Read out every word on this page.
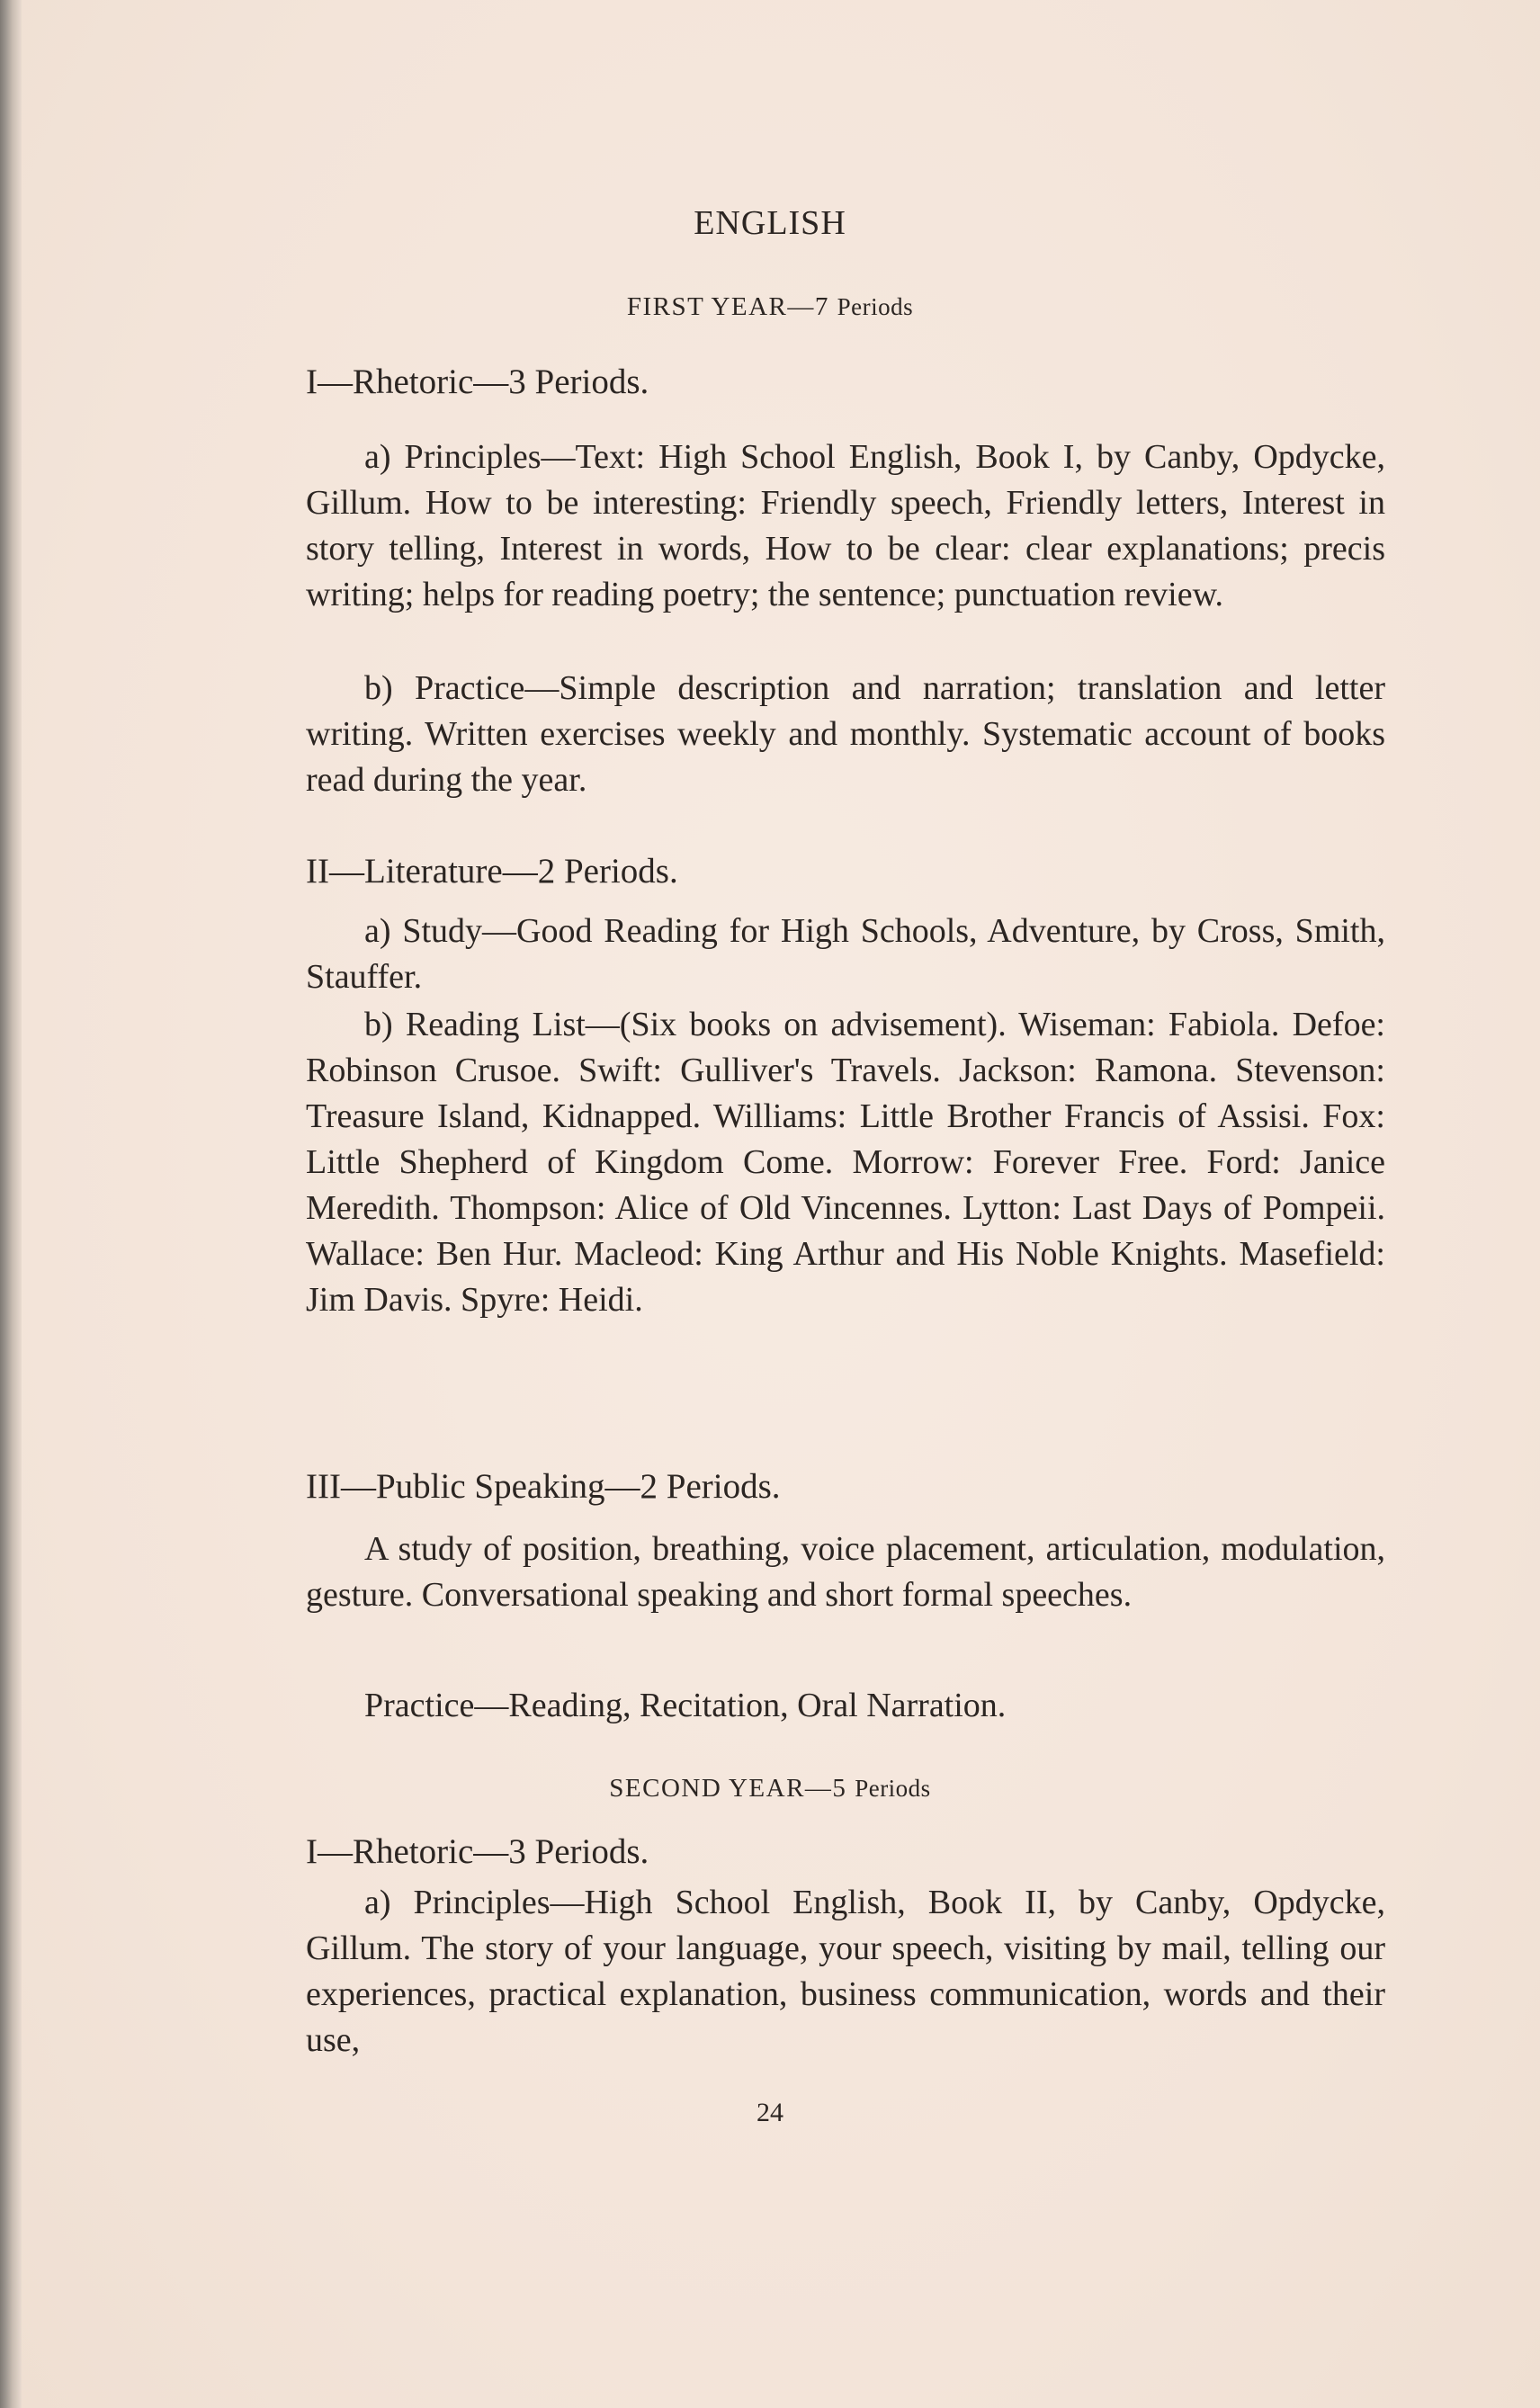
ENGLISH
FIRST YEAR—7 Periods
I—Rhetoric—3 Periods.

a) Principles—Text: High School English, Book I, by Canby, Opdycke, Gillum. How to be interesting: Friendly speech, Friendly letters, Interest in story telling, Interest in words, How to be clear: clear explanations; precis writing; helps for reading poetry; the sentence; punctuation review.

b) Practice—Simple description and narration; translation and letter writing. Written exercises weekly and monthly. Systematic account of books read during the year.

II—Literature—2 Periods.

a) Study—Good Reading for High Schools, Adventure, by Cross, Smith, Stauffer.

b) Reading List—(Six books on advisement). Wiseman: Fabiola. Defoe: Robinson Crusoe. Swift: Gulliver's Travels. Jackson: Ramona. Stevenson: Treasure Island, Kidnapped. Williams: Little Brother Francis of Assisi. Fox: Little Shepherd of Kingdom Come. Morrow: Forever Free. Ford: Janice Meredith. Thompson: Alice of Old Vincennes. Lytton: Last Days of Pompeii. Wallace: Ben Hur. Macleod: King Arthur and His Noble Knights. Masefield: Jim Davis. Spyre: Heidi.

III—Public Speaking—2 Periods.

A study of position, breathing, voice placement, articulation, modulation, gesture. Conversational speaking and short formal speeches.

Practice—Reading, Recitation, Oral Narration.

SECOND YEAR—5 Periods
I—Rhetoric—3 Periods.

a) Principles—High School English, Book II, by Canby, Opdycke, Gillum. The story of your language, your speech, visiting by mail, telling our experiences, practical explanation, business communication, words and their use,

24
